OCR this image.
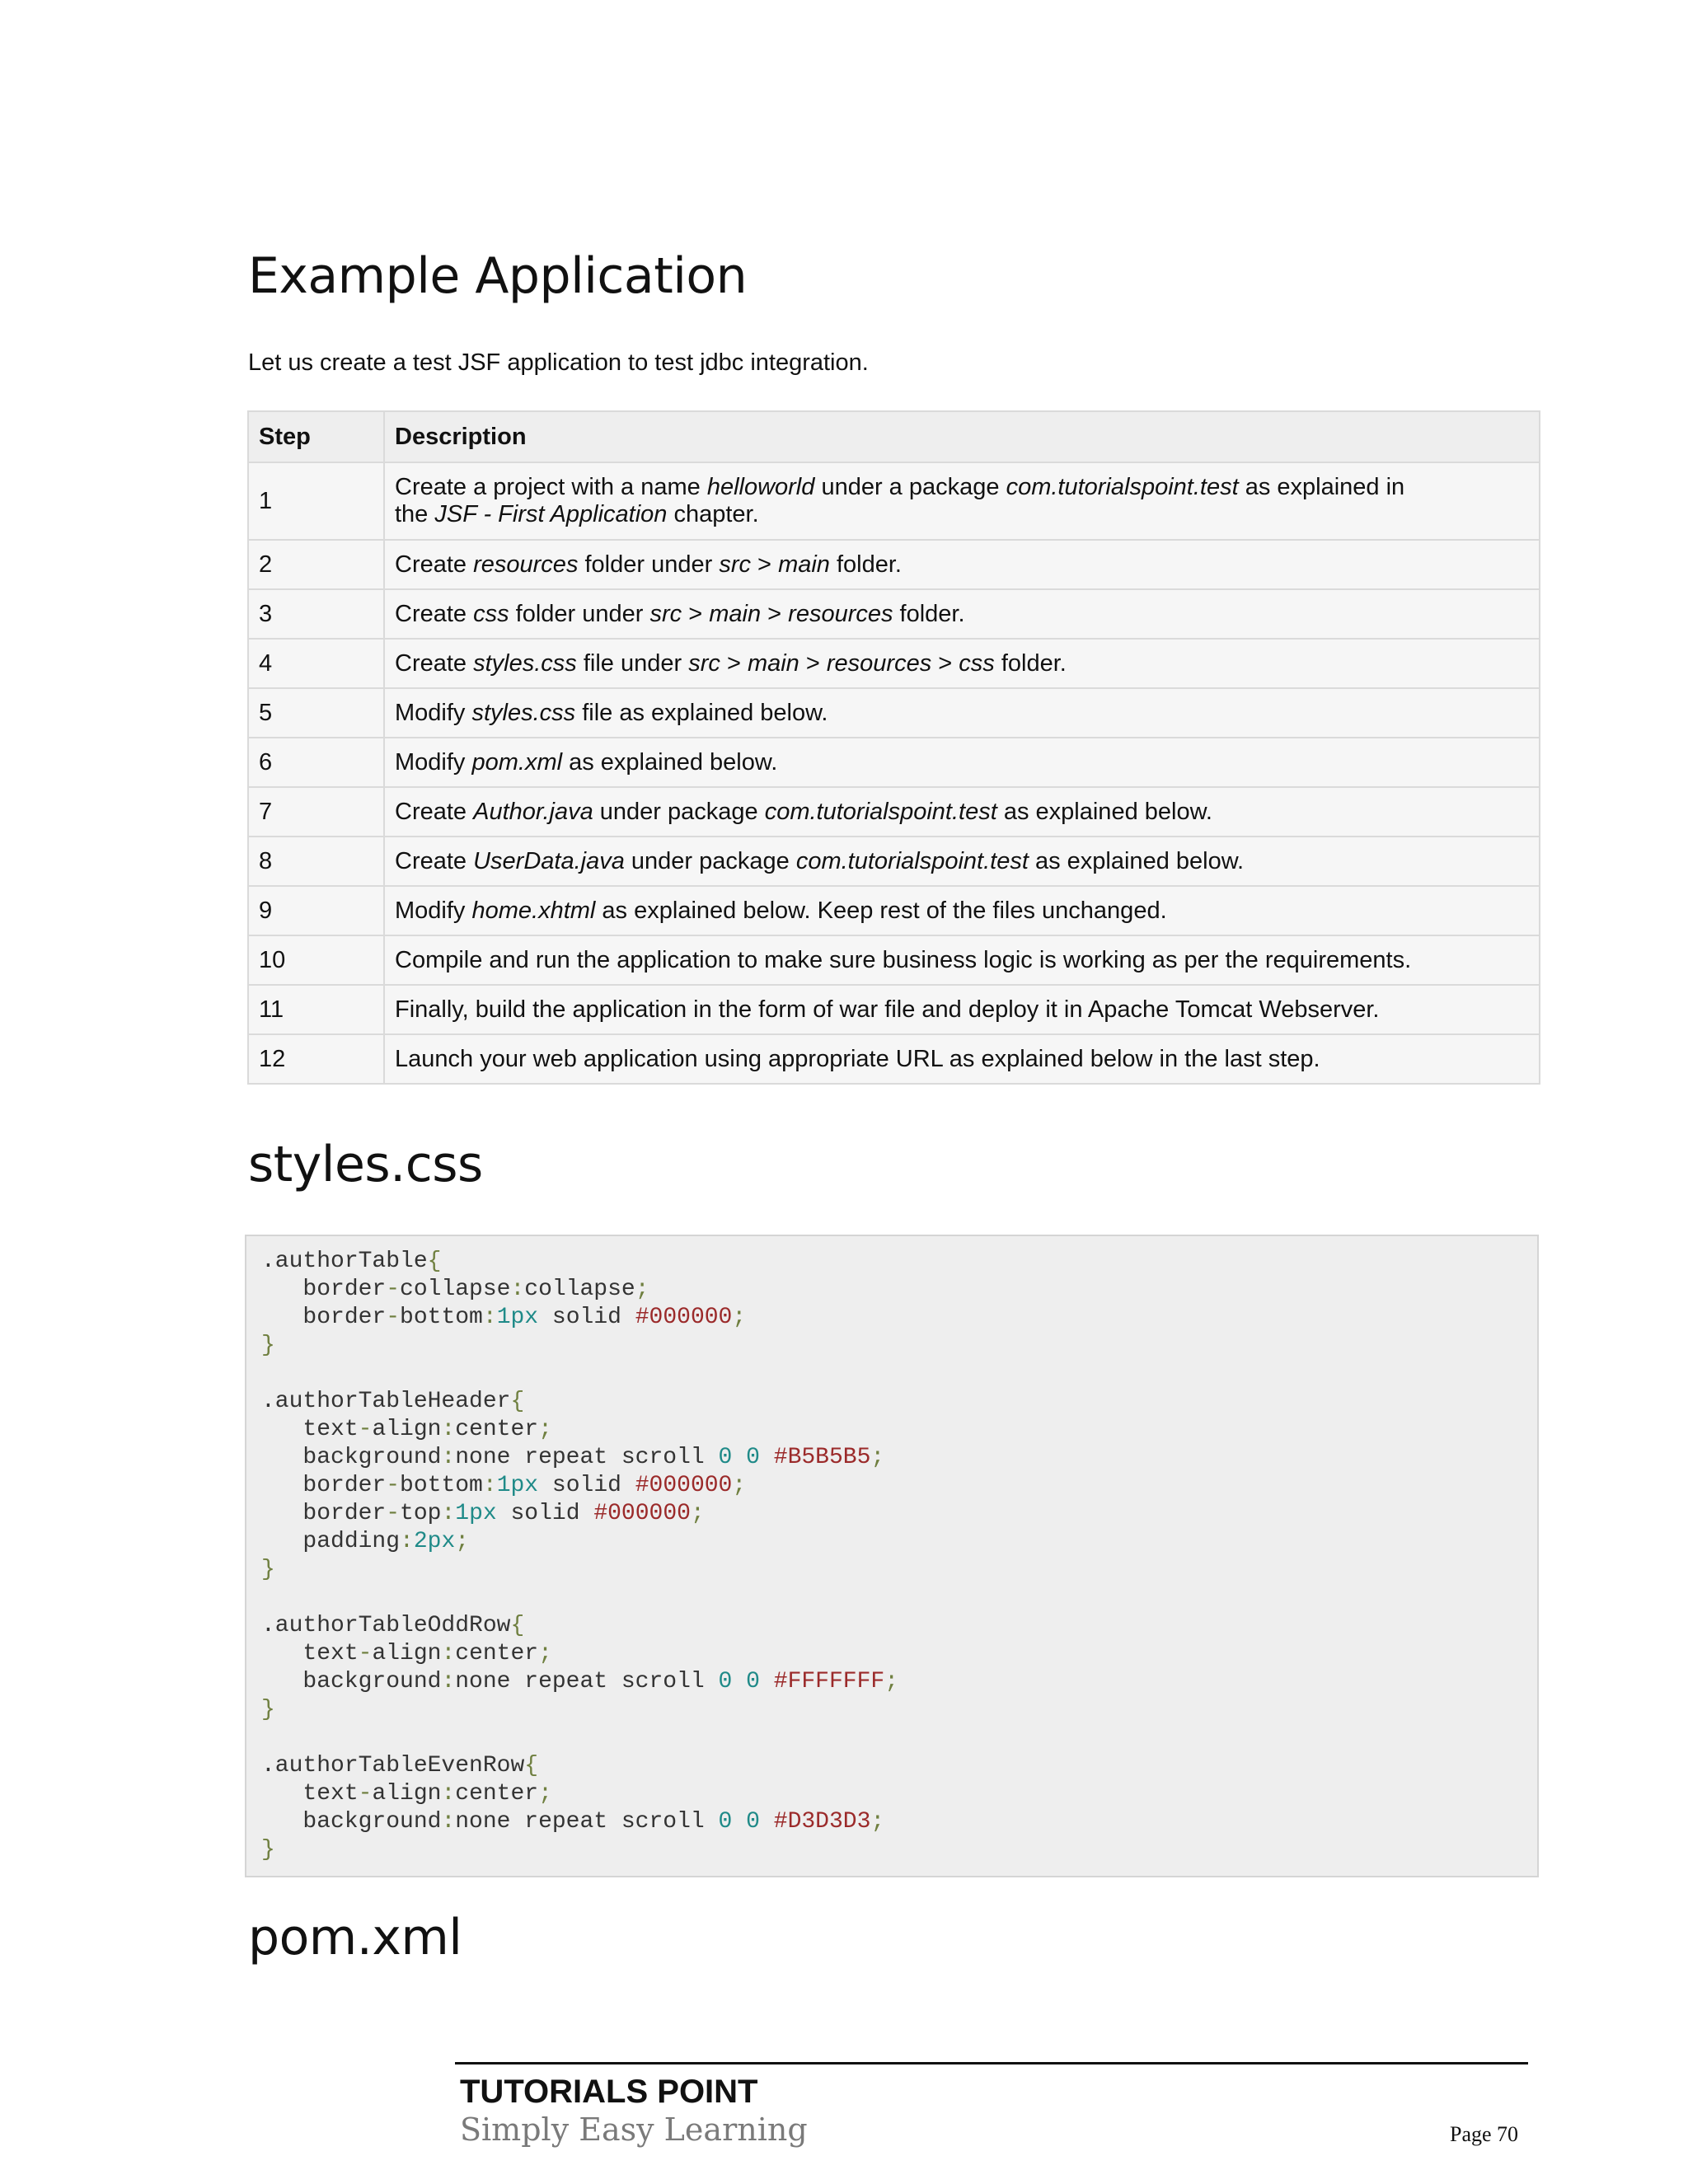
Example Application

Let us create a test JSF application to test jdbc integration.

Step	Description
1	Create a project with a name helloworld under a package com.tutorialspoint.test as explained in
the JSF - First Application chapter.
2	Create resources folder under src > main folder.
3	Create css folder under src > main > resources folder.
4	Create styles.css file under src > main > resources > css folder.
5	Modify styles.css file as explained below.
6	Modify pom.xml as explained below.
7	Create Author.java under package com.tutorialspoint.test as explained below.
8	Create UserData.java under package com.tutorialspoint.test as explained below.
9	Modify home.xhtml as explained below. Keep rest of the files unchanged.
10	Compile and run the application to make sure business logic is working as per the requirements.
11	Finally, build the application in the form of war file and deploy it in Apache Tomcat Webserver.
12	Launch your web application using appropriate URL as explained below in the last step.
styles.css
.authorTable{
border-collapse:collapse;
border-bottom:1px solid #000000;
}

.authorTableHeader{
text-align:center;
background:none repeat scroll 0 0 #B5B5B5;
border-bottom:1px solid #000000;
border-top:1px solid #000000;
padding:2px;
}

.authorTableOddRow{
text-align:center;
background:none repeat scroll 0 0 #FFFFFFF;
}

.authorTableEvenRow{
text-align:center;
background:none repeat scroll 0 0 #D3D3D3;
}
pom.xml

TUTORIALS POINT

Simply Easy Learning	Page 70
